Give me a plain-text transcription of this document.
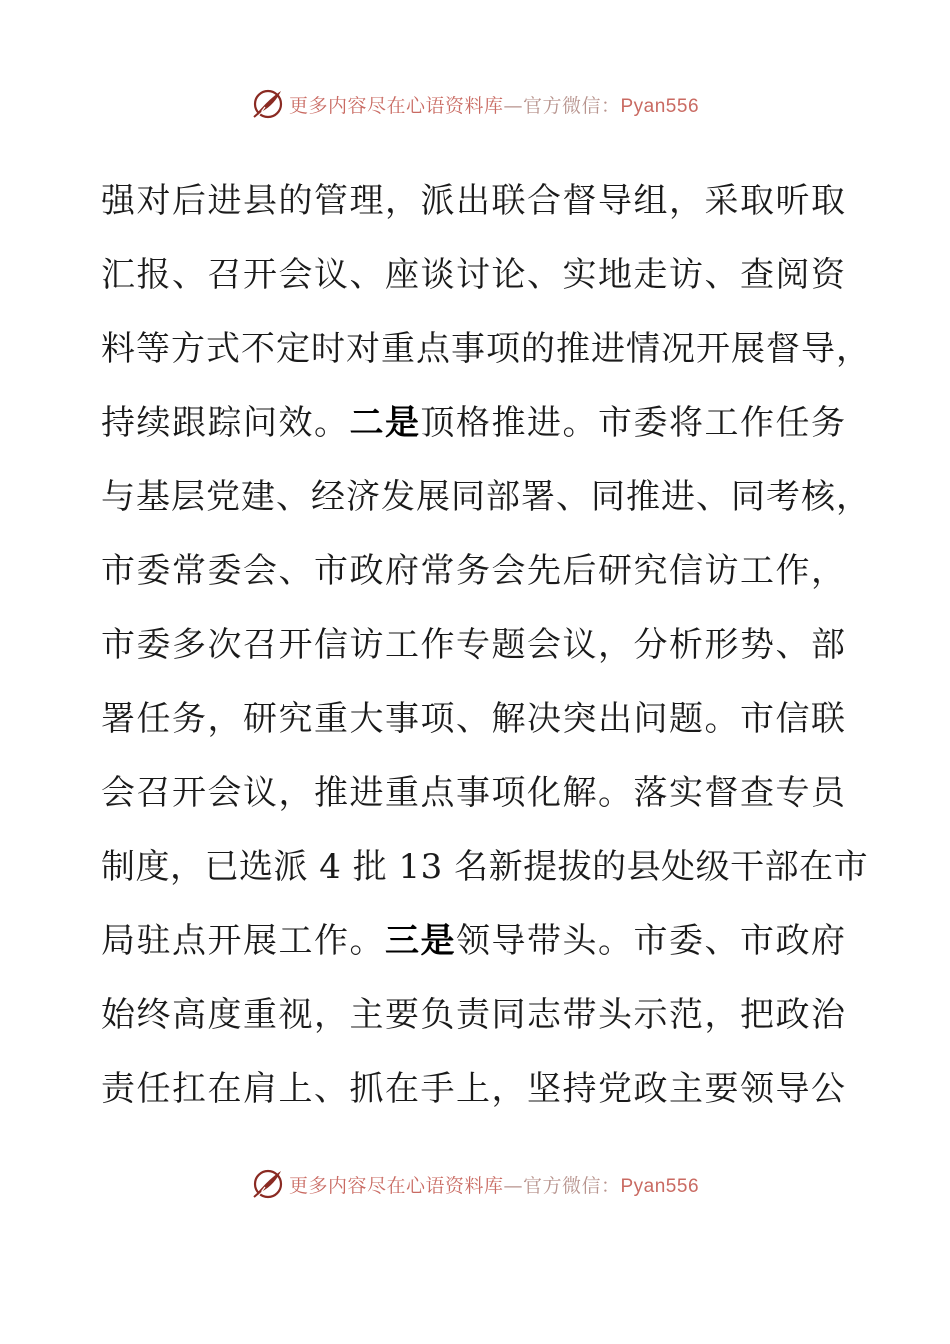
更多内容尽在心语资料库—官方微信：Pyan556
强对后进县的管理，派出联合督导组，采取听取
汇报、召开会议、座谈讨论、实地走访、查阅资
料等方式不定时对重点事项的推进情况开展督导，
持续跟踪问效。二是顶格推进。市委将工作任务
与基层党建、经济发展同部署、同推进、同考核，
市委常委会、市政府常务会先后研究信访工作，
市委多次召开信访工作专题会议，分析形势、部
署任务，研究重大事项、解决突出问题。市信联
会召开会议，推进重点事项化解。落实督查专员
制度，已选派 4 批 13 名新提拔的县处级干部在市
局驻点开展工作。三是领导带头。市委、市政府
始终高度重视，主要负责同志带头示范，把政治
责任扛在肩上、抓在手上，坚持党政主要领导公
更多内容尽在心语资料库—官方微信：Pyan556
